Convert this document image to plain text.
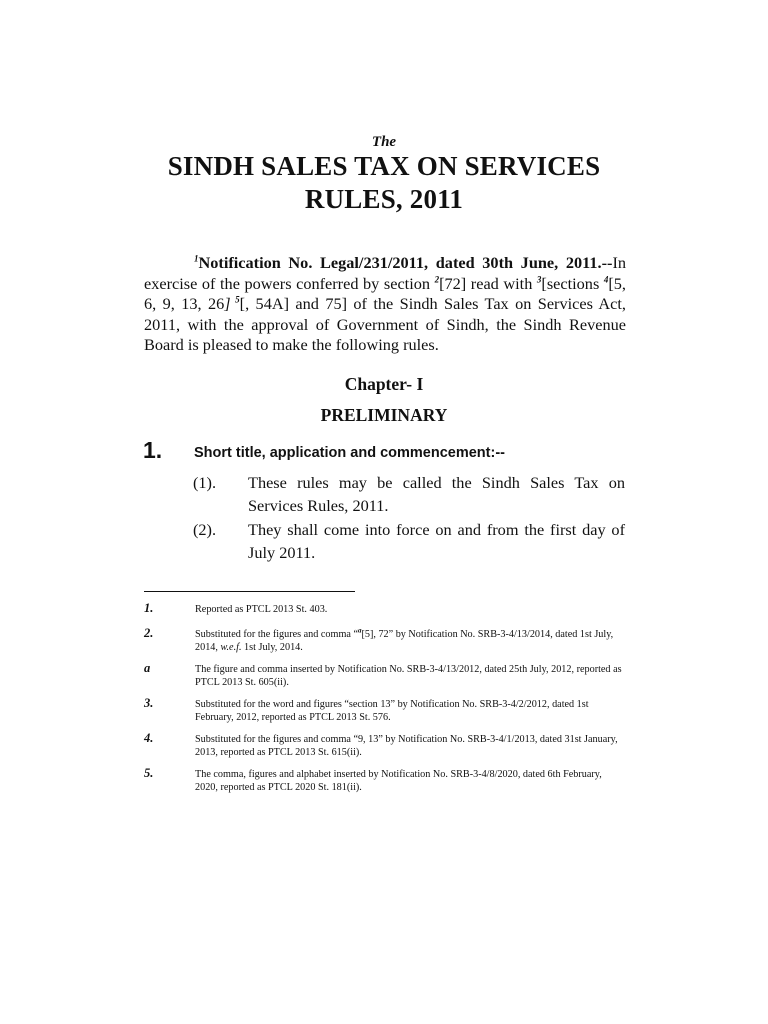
The
SINDH SALES TAX ON SERVICES
RULES, 2011
$^1$Notification No. Legal/231/2011, dated 30th June, 2011.--In exercise of the powers conferred by section $^2$[72] read with $^3$[sections $^4$[5, 6, 9, 13, 26] $^5$[, 54A] and 75] of the Sindh Sales Tax on Services Act, 2011, with the approval of Government of Sindh, the Sindh Revenue Board is pleased to make the following rules.
Chapter- I
PRELIMINARY
1. Short title, application and commencement:--
(1). These rules may be called the Sindh Sales Tax on Services Rules, 2011.
(2). They shall come into force on and from the first day of July 2011.
1.	Reported as PTCL 2013 St. 403.
2.	Substituted for the figures and comma “$^a$[5], 72” by Notification No. SRB-3-4/13/2014, dated 1st July, 2014, w.e.f. 1st July, 2014.
a	The figure and comma inserted by Notification No. SRB-3-4/13/2012, dated 25th July, 2012, reported as PTCL 2013 St. 605(ii).
3.	Substituted for the word and figures “section 13” by Notification No. SRB-3-4/2/2012, dated 1st February, 2012, reported as PTCL 2013 St. 576.
4.	Substituted for the figures and comma “9, 13” by Notification No. SRB-3-4/1/2013, dated 31st January, 2013, reported as PTCL 2013 St. 615(ii).
5.	The comma, figures and alphabet inserted by Notification No. SRB-3-4/8/2020, dated 6th February, 2020, reported as PTCL 2020 St. 181(ii).
